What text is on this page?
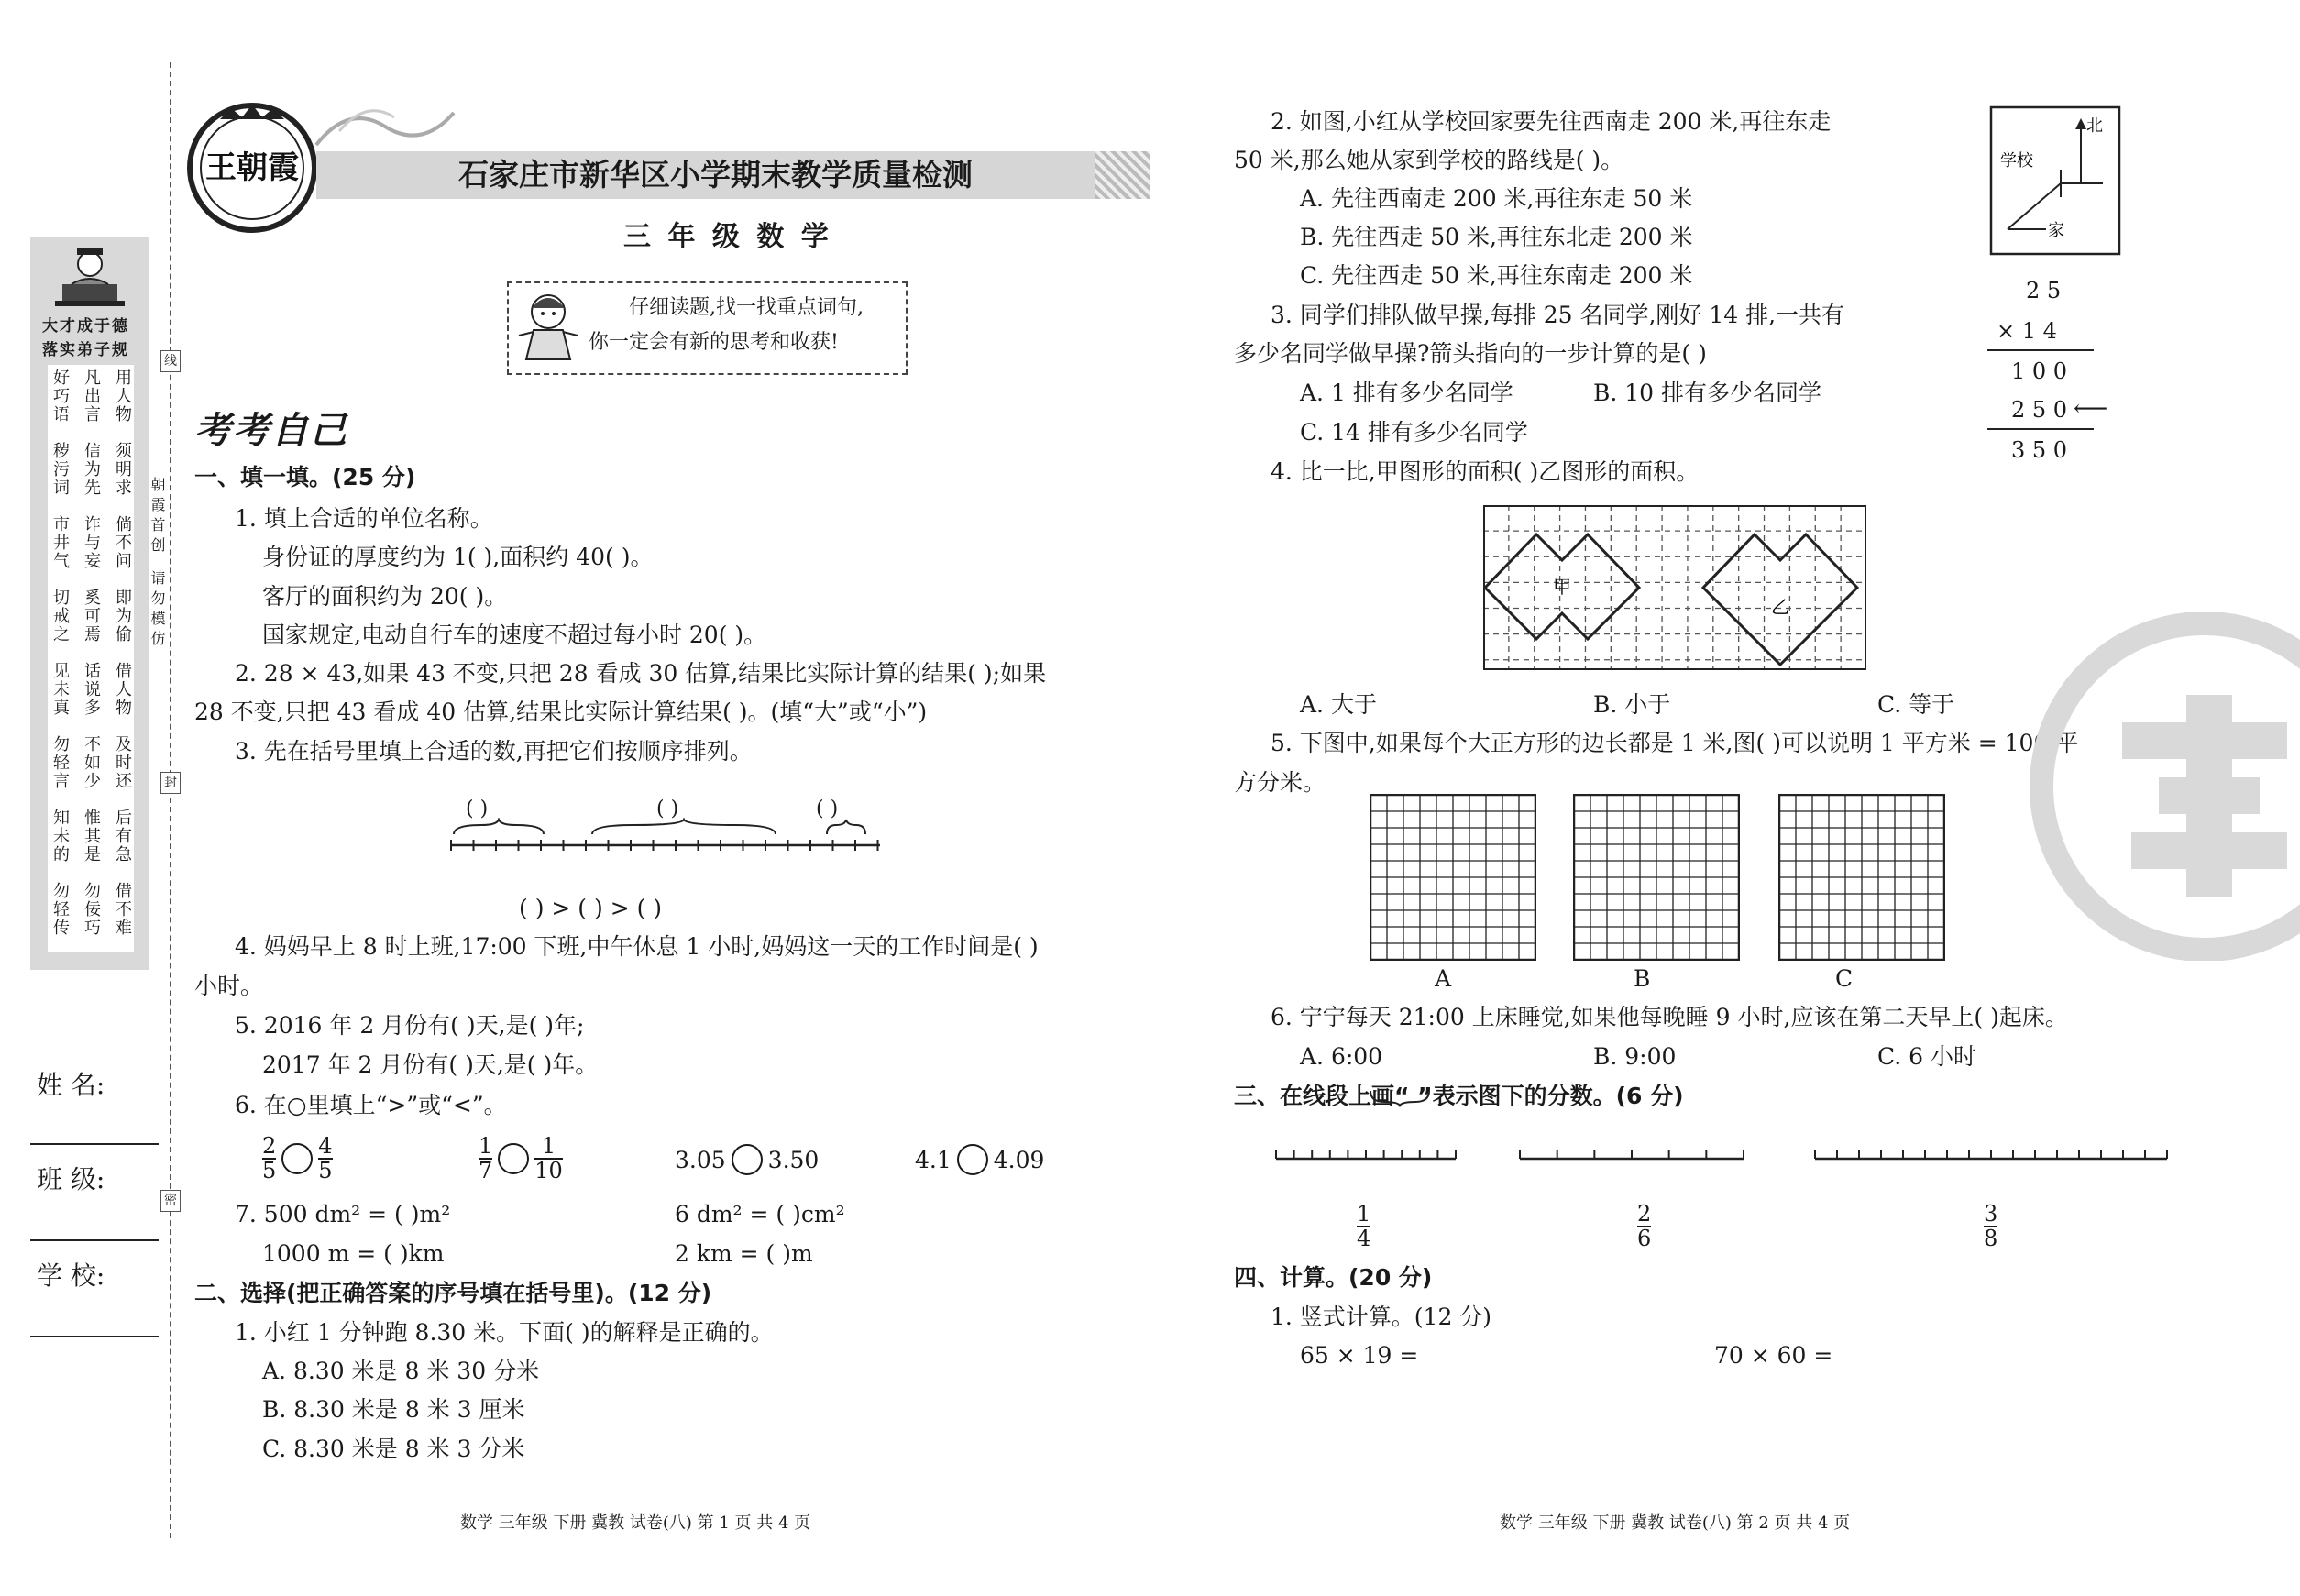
大才成于德
落实弟子规
好巧语 凡出言 用人物
秽污词 信为先 须明求
市井气 诈与妄 倘不问
切戒之 奚可焉 即为偷
见未真 话说多 借人物
勿轻言 不如少 及时还
知未的 惟其是 后有急
勿轻传 勿佞巧 借不难
姓 名:
班 级:
学 校:
线
封
密
朝霞首创
请勿模仿
王朝霞	石家庄市新华区小学期末教学质量检测
三 年 级 数 学
仔细读题,找一找重点词句,
你一定会有新的思考和收获!
考考自己
一、填一填。(25 分)
1. 填上合适的单位名称。
身份证的厚度约为 1( ),面积约 40( )。
客厅的面积约为 20( )。
国家规定,电动自行车的速度不超过每小时 20( )。
2. 28 × 43,如果 43 不变,只把 28 看成 30 估算,结果比实际计算的结果( );如果
28 不变,只把 43 看成 40 估算,结果比实际计算结果( )。(填“大”或“小”)
3. 先在括号里填上合适的数,再把它们按顺序排列。
( )	( )	( )
( ) > ( ) > ( )
4. 妈妈早上 8 时上班,17:00 下班,中午休息 1 小时,妈妈这一天的工作时间是( )
小时。
5. 2016 年 2 月份有( )天,是( )年;
2017 年 2 月份有( )天,是( )年。
6. 在○里填上“>”或“<”。
$\frac{2}{5} \frac{4}{5}$	$\frac{1}{7} \frac{1}{10}$	3.05 3.50	4.1 4.09
7. 500 dm² = ( )m²	6 dm² = ( )cm²
1000 m = ( )km	2 km = ( )m
二、选择(把正确答案的序号填在括号里)。(12 分)
1. 小红 1 分钟跑 8.30 米。下面( )的解释是正确的。
A. 8.30 米是 8 米 30 分米
B. 8.30 米是 8 米 3 厘米
C. 8.30 米是 8 米 3 分米
数学 三年级 下册 冀教 试卷(八) 第 1 页 共 4 页
2. 如图,小红从学校回家要先往西南走 200 米,再往东走
50 米,那么她从家到学校的路线是( )。
A. 先往西南走 200 米,再往东走 50 米
B. 先往西走 50 米,再往东北走 200 米
C. 先往西走 50 米,再往东南走 200 米
北
学校
家
3. 同学们排队做早操,每排 25 名同学,刚好 14 排,一共有
多少名同学做早操?箭头指向的一步计算的是( )
A. 1 排有多少名同学	B. 10 排有多少名同学
C. 14 排有多少名同学
2 5
× 1 4
1 0 0
2 5 0 ⟵
3 5 0
4. 比一比,甲图形的面积( )乙图形的面积。
甲
乙
A. 大于	B. 小于	C. 等于
5. 下图中,如果每个大正方形的边长都是 1 米,图( )可以说明 1 平方米 = 100 平
方分米。
A	B	C
6. 宁宁每天 21:00 上床睡觉,如果他每晚睡 9 小时,应该在第二天早上( )起床。
A. 6:00	B. 9:00	C. 6 小时
三、在线段上画“ ”表示图下的分数。(6 分)
1
4
2
6
3
8
四、计算。(20 分)
1. 竖式计算。(12 分)
65 × 19 =	70 × 60 =
数学 三年级 下册 冀教 试卷(八) 第 2 页 共 4 页
